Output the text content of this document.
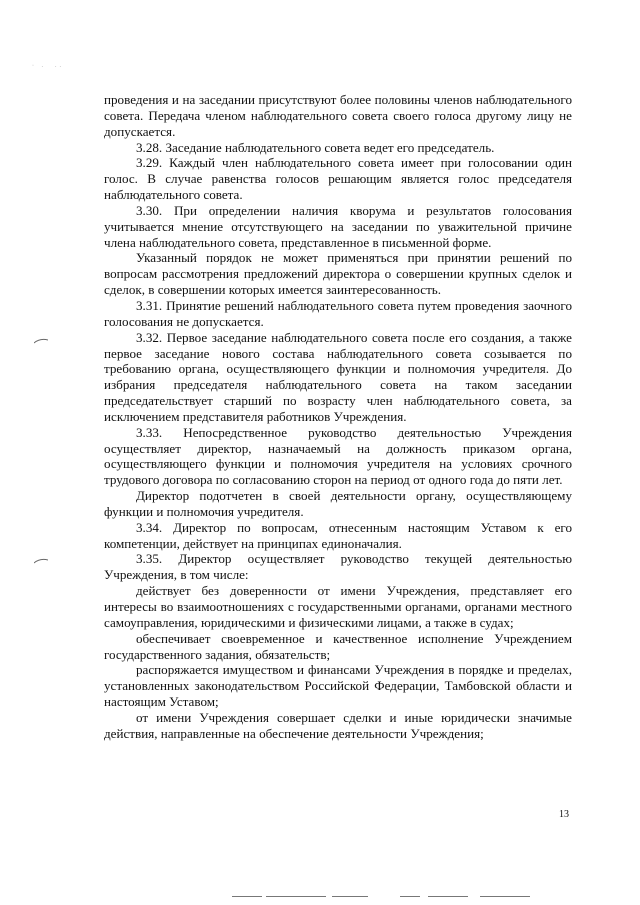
· .  ..

проведения и на заседании присутствуют более половины членов наблюдательного совета. Передача членом наблюдательного совета своего голоса другому лицу не допускается.

3.28. Заседание наблюдательного совета ведет его председатель.

3.29. Каждый член наблюдательного совета имеет при голосовании один голос. В случае равенства голосов решающим является голос председателя наблюдательного совета.

3.30. При определении наличия кворума и результатов голосования учитывается мнение отсутствующего на заседании по уважительной причине члена наблюдательного совета, представленное в письменной форме.

Указанный порядок не может применяться при принятии решений по вопросам рассмотрения предложений директора о совершении крупных сделок и сделок, в совершении которых имеется заинтересованность.

3.31. Принятие решений наблюдательного совета путем проведения заочного голосования не допускается.

3.32. Первое заседание наблюдательного совета после его создания, а также первое заседание нового состава наблюдательного совета созывается по требованию органа, осуществляющего функции и полномочия учредителя. До избрания председателя наблюдательного совета на таком заседании председательствует старший по возрасту член наблюдательного совета, за исключением представителя работников Учреждения.

3.33. Непосредственное руководство деятельностью Учреждения осуществляет директор, назначаемый на должность приказом органа, осуществляющего функции и полномочия учредителя на условиях срочного трудового договора по согласованию сторон на период от одного года до пяти лет.

Директор подотчетен в своей деятельности органу, осуществляющему функции и полномочия учредителя.

3.34. Директор по вопросам, отнесенным настоящим Уставом к его компетенции, действует на принципах единоначалия.

3.35. Директор осуществляет руководство текущей деятельностью Учреждения, в том числе:

действует без доверенности от имени Учреждения, представляет его интересы во взаимоотношениях с государственными органами, органами местного самоуправления, юридическими и физическими лицами, а также в судах;

обеспечивает своевременное и качественное исполнение Учреждением государственного задания, обязательств;

распоряжается имуществом и финансами Учреждения в порядке и пределах, установленных законодательством Российской Федерации, Тамбовской области и настоящим Уставом;

от имени Учреждения совершает сделки и иные юридически значимые действия, направленные на обеспечение деятельности Учреждения;

13
